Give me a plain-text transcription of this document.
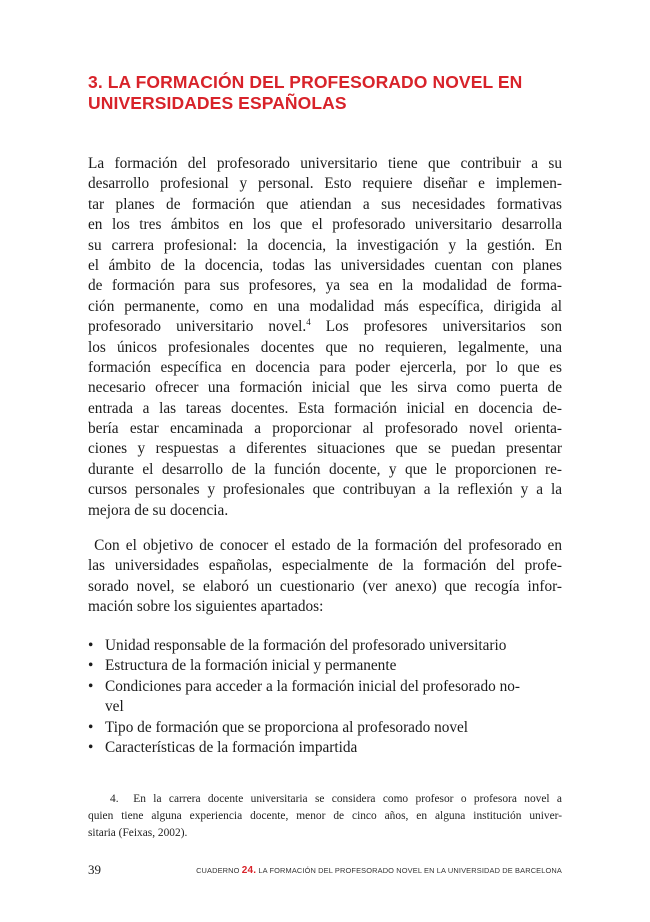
3. LA FORMACIÓN DEL PROFESORADO NOVEL EN
UNIVERSIDADES ESPAÑOLAS
La formación del profesorado universitario tiene que contribuir a su
desarrollo profesional y personal. Esto requiere diseñar e implemen-
tar planes de formación que atiendan a sus necesidades formativas
en los tres ámbitos en los que el profesorado universitario desarrolla
su carrera profesional: la docencia, la investigación y la gestión. En
el ámbito de la docencia, todas las universidades cuentan con planes
de formación para sus profesores, ya sea en la modalidad de forma-
ción permanente, como en una modalidad más específica, dirigida al
profesorado universitario novel.$^4$ Los profesores universitarios son
los únicos profesionales docentes que no requieren, legalmente, una
formación específica en docencia para poder ejercerla, por lo que es
necesario ofrecer una formación inicial que les sirva como puerta de
entrada a las tareas docentes. Esta formación inicial en docencia de-
bería estar encaminada a proporcionar al profesorado novel orienta-
ciones y respuestas a diferentes situaciones que se puedan presentar
durante el desarrollo de la función docente, y que le proporcionen re-
cursos personales y profesionales que contribuyan a la reflexión y a la
mejora de su docencia.
Con el objetivo de conocer el estado de la formación del profesorado en
las universidades españolas, especialmente de la formación del profe-
sorado novel, se elaboró un cuestionario (ver anexo) que recogía infor-
mación sobre los siguientes apartados:
• Unidad responsable de la formación del profesorado universitario
• Estructura de la formación inicial y permanente
• Condiciones para acceder a la formación inicial del profesorado no-
vel
• Tipo de formación que se proporciona al profesorado novel
• Características de la formación impartida
4.  En la carrera docente universitaria se considera como profesor o profesora novel a
quien tiene alguna experiencia docente, menor de cinco años, en alguna institución univer-
sitaria (Feixas, 2002).
39	CUADERNO 24. LA FORMACIÓN DEL PROFESORADO NOVEL EN LA UNIVERSIDAD DE BARCELONA
